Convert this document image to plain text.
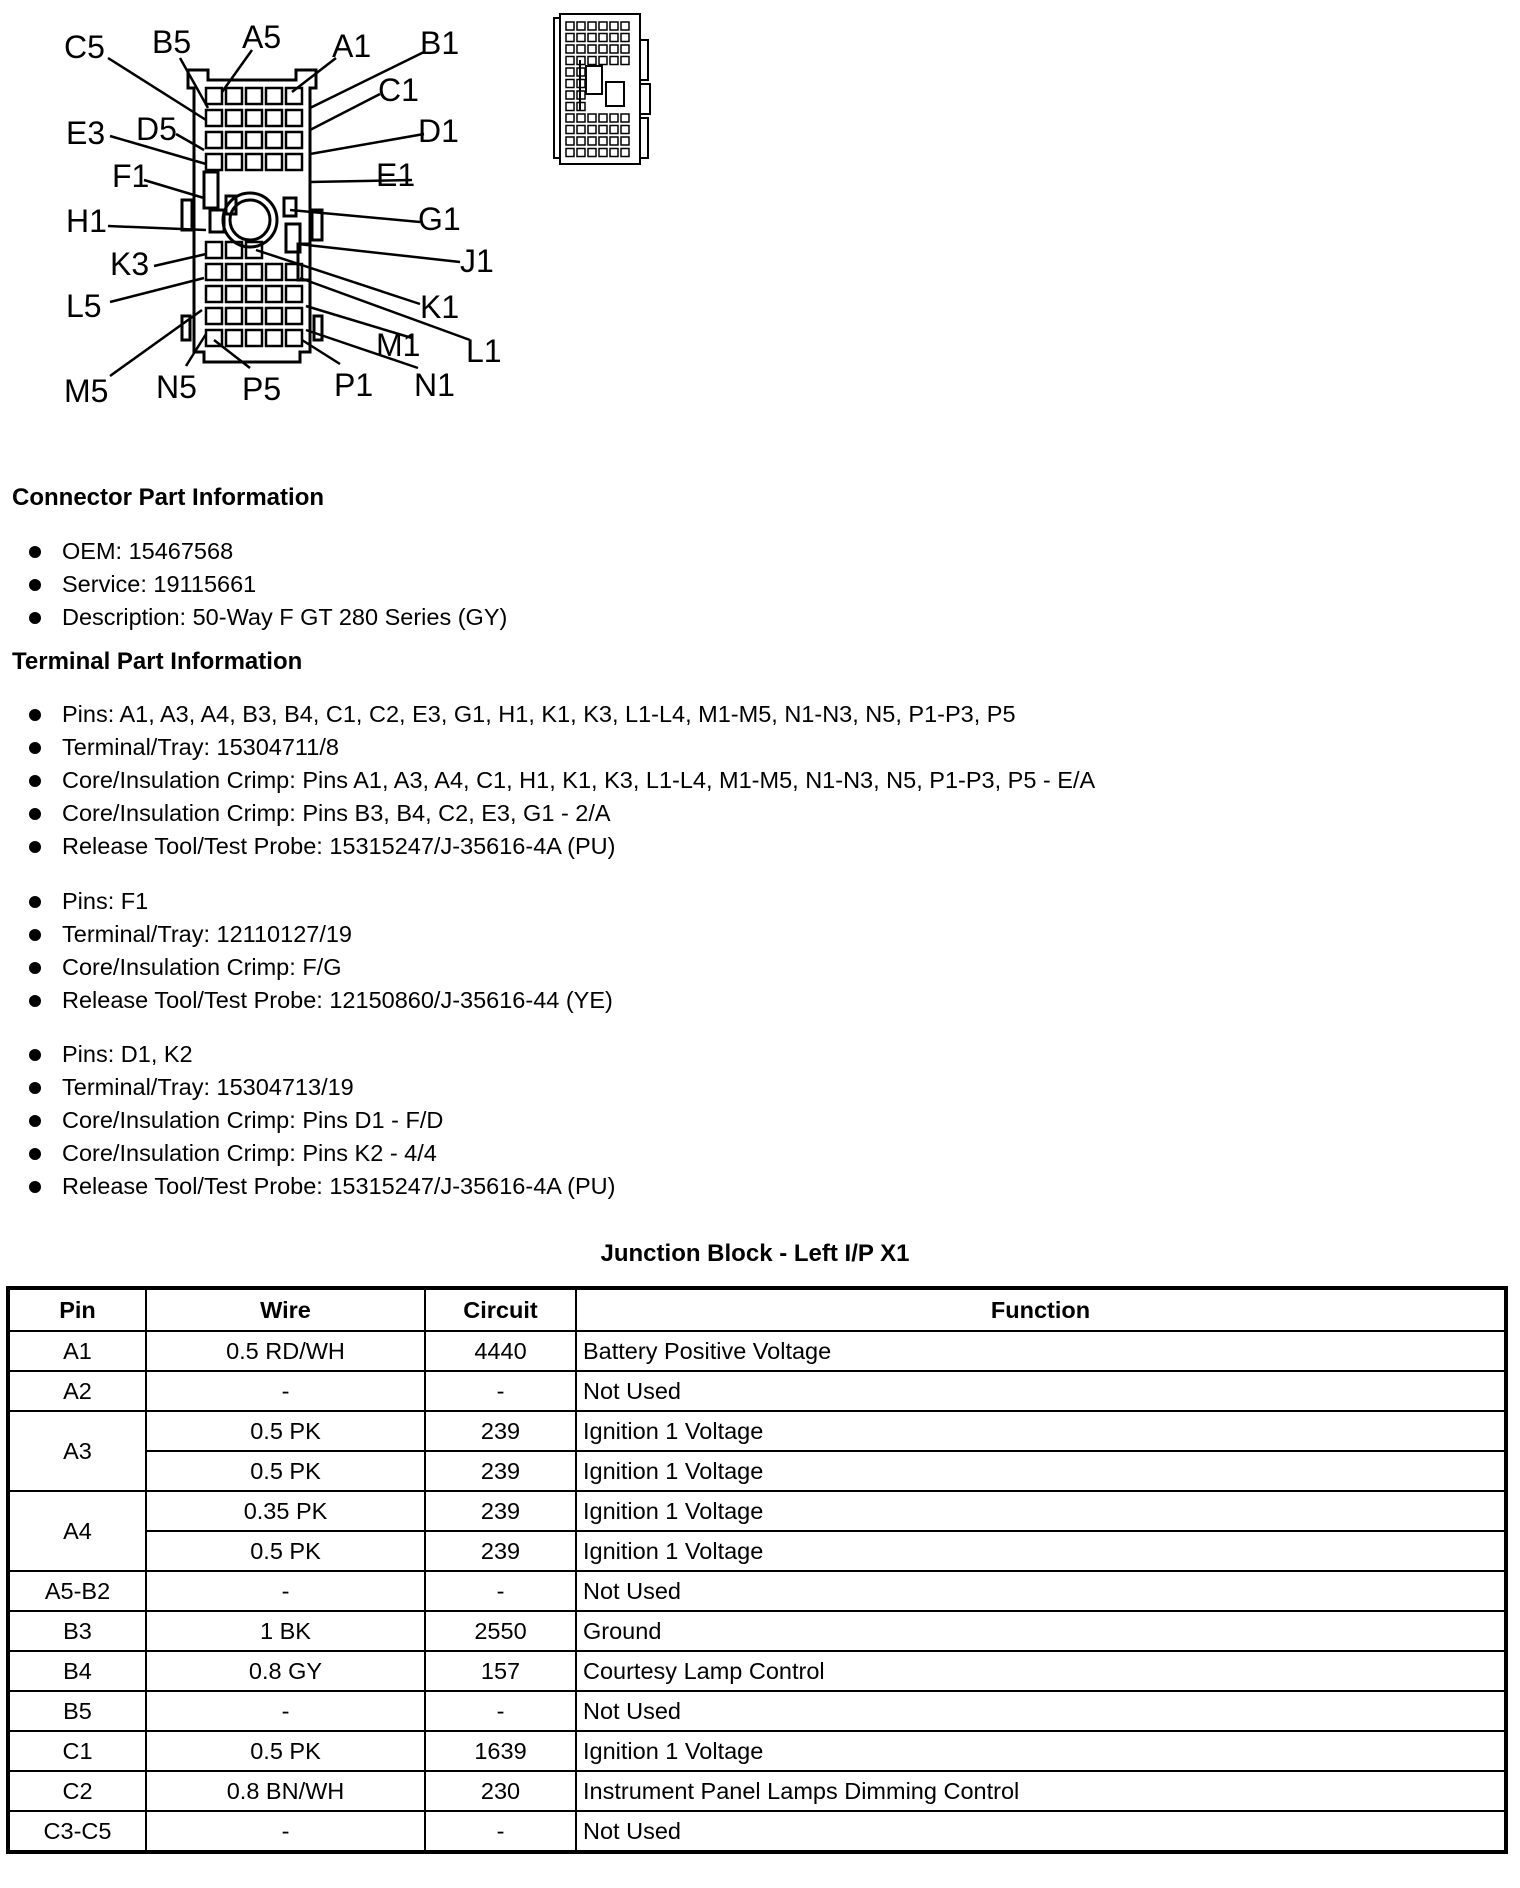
C5 B5 A5 A1 B1
C1
E3 D5	D1
F1	E1
H1	G1
K3	J1
L5	K1
L1
M1
M5 N5 P5 P1 N1
Connector Part Information
OEM: 15467568
Service: 19115661
Description: 50-Way F GT 280 Series (GY)
Terminal Part Information
Pins: A1, A3, A4, B3, B4, C1, C2, E3, G1, H1, K1, K3, L1-L4, M1-M5, N1-N3, N5, P1-P3, P5
Terminal/Tray: 15304711/8
Core/Insulation Crimp: Pins A1, A3, A4, C1, H1, K1, K3, L1-L4, M1-M5, N1-N3, N5, P1-P3, P5 - E/A
Core/Insulation Crimp: Pins B3, B4, C2, E3, G1 - 2/A
Release Tool/Test Probe: 15315247/J-35616-4A (PU)
Pins: F1
Terminal/Tray: 12110127/19
Core/Insulation Crimp: F/G
Release Tool/Test Probe: 12150860/J-35616-44 (YE)
Pins: D1, K2
Terminal/Tray: 15304713/19
Core/Insulation Crimp: Pins D1 - F/D
Core/Insulation Crimp: Pins K2 - 4/4
Release Tool/Test Probe: 15315247/J-35616-4A (PU)
Junction Block - Left I/P X1
Pin	Wire	Circuit	Function
A1	0.5 RD/WH	4440	Battery Positive Voltage
A2	-	-	Not Used
A3	0.5 PK	239	Ignition 1 Voltage
	0.5 PK	239	Ignition 1 Voltage
A4	0.35 PK	239	Ignition 1 Voltage
	0.5 PK	239	Ignition 1 Voltage
A5-B2	-	-	Not Used
B3	1 BK	2550	Ground
B4	0.8 GY	157	Courtesy Lamp Control
B5	-	-	Not Used
C1	0.5 PK	1639	Ignition 1 Voltage
C2	0.8 BN/WH	230	Instrument Panel Lamps Dimming Control
C3-C5	-	-	Not Used
